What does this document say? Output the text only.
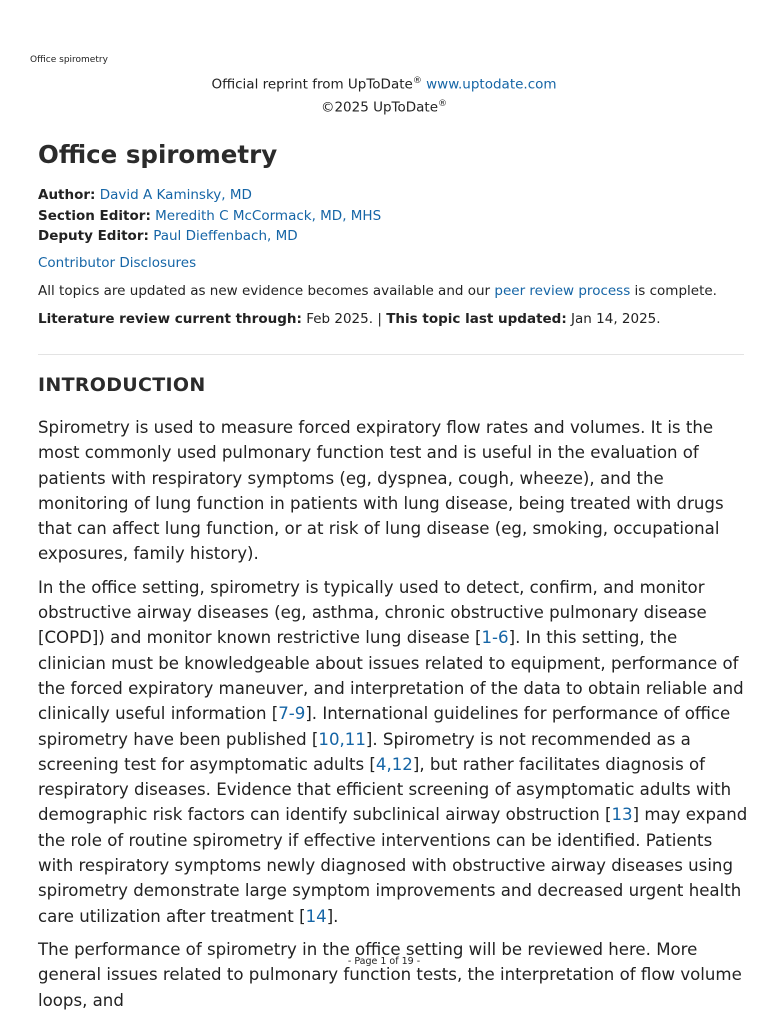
Office spirometry
Official reprint from UpToDate® www.uptodate.com
©2025 UpToDate®
Office spirometry
Author: David A Kaminsky, MD
Section Editor: Meredith C McCormack, MD, MHS
Deputy Editor: Paul Dieffenbach, MD
Contributor Disclosures
All topics are updated as new evidence becomes available and our peer review process is complete.
Literature review current through: Feb 2025. | This topic last updated: Jan 14, 2025.
INTRODUCTION

Spirometry is used to measure forced expiratory flow rates and volumes. It is the most commonly used pulmonary function test and is useful in the evaluation of patients with respiratory symptoms (eg, dyspnea, cough, wheeze), and the monitoring of lung function in patients with lung disease, being treated with drugs that can affect lung function, or at risk of lung disease (eg, smoking, occupational exposures, family history).

In the office setting, spirometry is typically used to detect, confirm, and monitor obstructive airway diseases (eg, asthma, chronic obstructive pulmonary disease [COPD]) and monitor known restrictive lung disease [1-6]. In this setting, the clinician must be knowledgeable about issues related to equipment, performance of the forced expiratory maneuver, and interpretation of the data to obtain reliable and clinically useful information [7-9]. International guidelines for performance of office spirometry have been published [10,11]. Spirometry is not recommended as a screening test for asymptomatic adults [4,12], but rather facilitates diagnosis of respiratory diseases. Evidence that efficient screening of asymptomatic adults with demographic risk factors can identify subclinical airway obstruction [13] may expand the role of routine spirometry if effective interventions can be identified. Patients with respiratory symptoms newly diagnosed with obstructive airway diseases using spirometry demonstrate large symptom improvements and decreased urgent health care utilization after treatment [14].

The performance of spirometry in the office setting will be reviewed here. More general issues related to pulmonary function tests, the interpretation of flow volume loops, and

- Page 1 of 19 -
